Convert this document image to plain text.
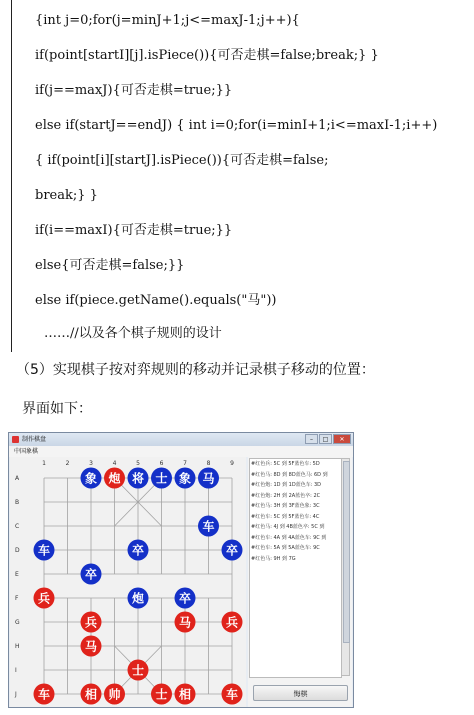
{int j=0;for(j=minJ+1;j<=maxJ-1;j++){
if(point[startI][j].isPiece()){可否走棋=false;break;} }
if(j==maxJ){可否走棋=true;}}
else if(startJ==endJ) { int i=0;for(i=minI+1;i<=maxI-1;i++)
{ if(point[i][startJ].isPiece()){可否走棋=false;
break;} }
if(i==maxI){可否走棋=true;}}
else{可否走棋=false;}}
else if(piece.getName().equals("马"))
……//以及各个棋子规则的设计
（5）实现棋子按对弈规则的移动并记录棋子移动的位置：
界面如下：
制作棋盘	–	□	✕
中国象棋
1	2	3	4	5	6	7	8	9
A
B
C
D
E
F
G
H
I
J
象 炮 将 士 象 马
车
车	卒	卒
卒
兵	炮	卒
兵	马	兵
马
士
车	相 帅	士 相	车
#红色兵: 5C 到 5F蓝色车: 5D
#红色马: 8D 到 8D蓝色马: 6D 到
#红色炮: 1D 到 1D蓝色车: 3D
#红色炮: 2H 到 2A蓝色卒: 2C
#红色马: 3H 到 3F蓝色象: 3C
#红色车: 5C 到 5F蓝色车: 4C
#红色马: 4J 到 4B蓝色卒: 5C 到
#红色车: 4A 到 4A蓝色车: 9C 到
#红色车: 5A 到 5A蓝色车: 9C
#红色马: 9H 到 7G
悔棋
